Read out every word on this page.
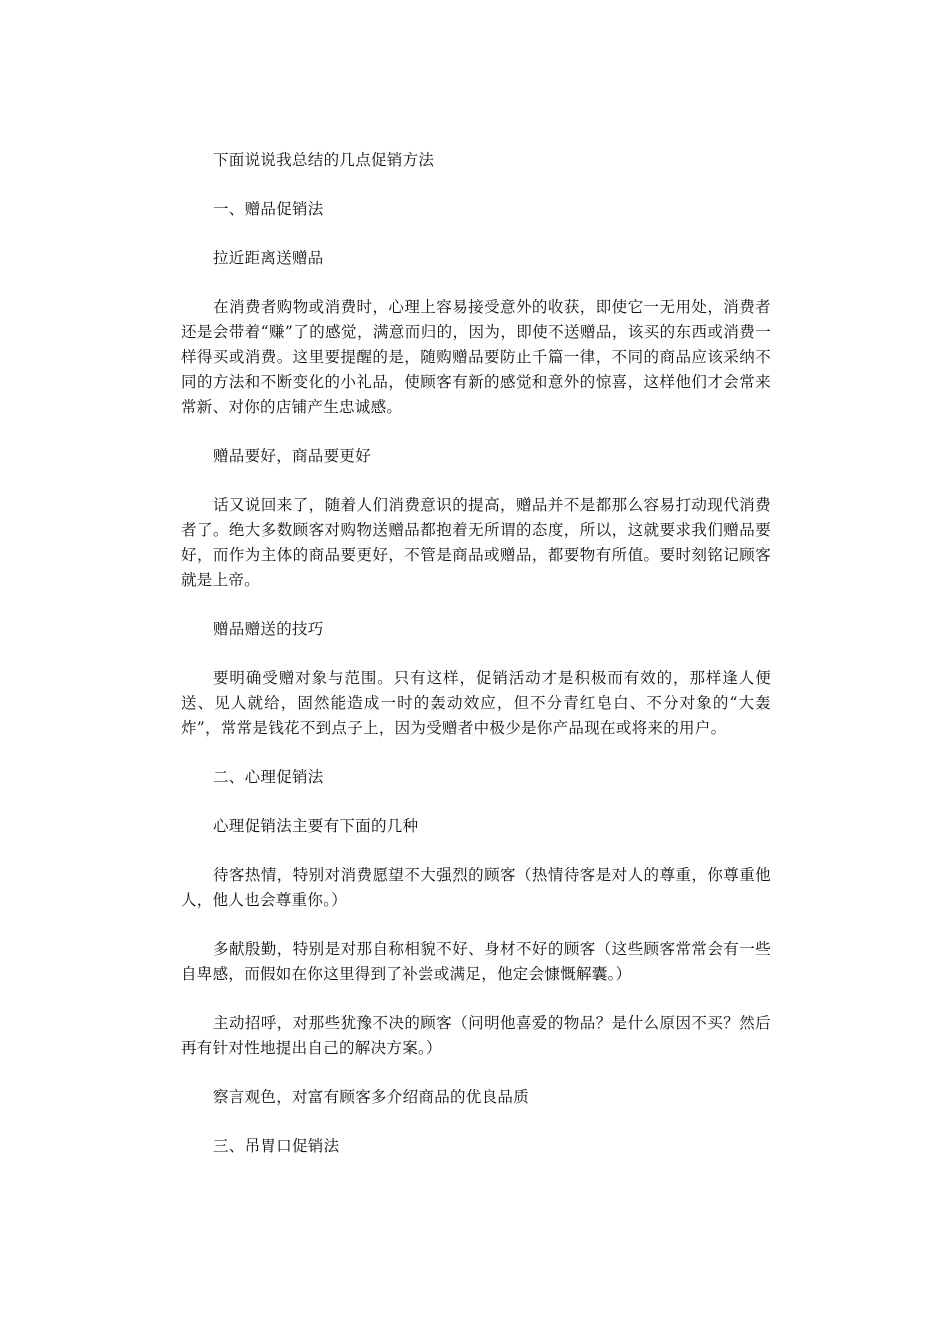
下面说说我总结的几点促销方法

一、赠品促销法

拉近距离送赠品

在消费者购物或消费时，心理上容易接受意外的收获，即使它一无用处，消费者还是会带着“赚”了的感觉，满意而归的，因为，即使不送赠品，该买的东西或消费一样得买或消费。这里要提醒的是，随购赠品要防止千篇一律，不同的商品应该采纳不同的方法和不断变化的小礼品，使顾客有新的感觉和意外的惊喜，这样他们才会常来常新、对你的店铺产生忠诚感。

赠品要好，商品要更好

话又说回来了，随着人们消费意识的提高，赠品并不是都那么容易打动现代消费者了。绝大多数顾客对购物送赠品都抱着无所谓的态度，所以，这就要求我们赠品要好，而作为主体的商品要更好，不管是商品或赠品，都要物有所值。要时刻铭记顾客就是上帝。

赠品赠送的技巧

要明确受赠对象与范围。只有这样，促销活动才是积极而有效的，那样逢人便送、见人就给，固然能造成一时的轰动效应，但不分青红皂白、不分对象的“大轰炸”，常常是钱花不到点子上，因为受赠者中极少是你产品现在或将来的用户。

二、心理促销法

心理促销法主要有下面的几种

待客热情，特别对消费愿望不大强烈的顾客（热情待客是对人的尊重，你尊重他人，他人也会尊重你。）

多献殷勤，特别是对那自称相貌不好、身材不好的顾客（这些顾客常常会有一些自卑感，而假如在你这里得到了补尝或满足，他定会慷慨解囊。）

主动招呼，对那些犹豫不决的顾客（问明他喜爱的物品？是什么原因不买？然后再有针对性地提出自己的解决方案。）

察言观色，对富有顾客多介绍商品的优良品质

三、吊胃口促销法
